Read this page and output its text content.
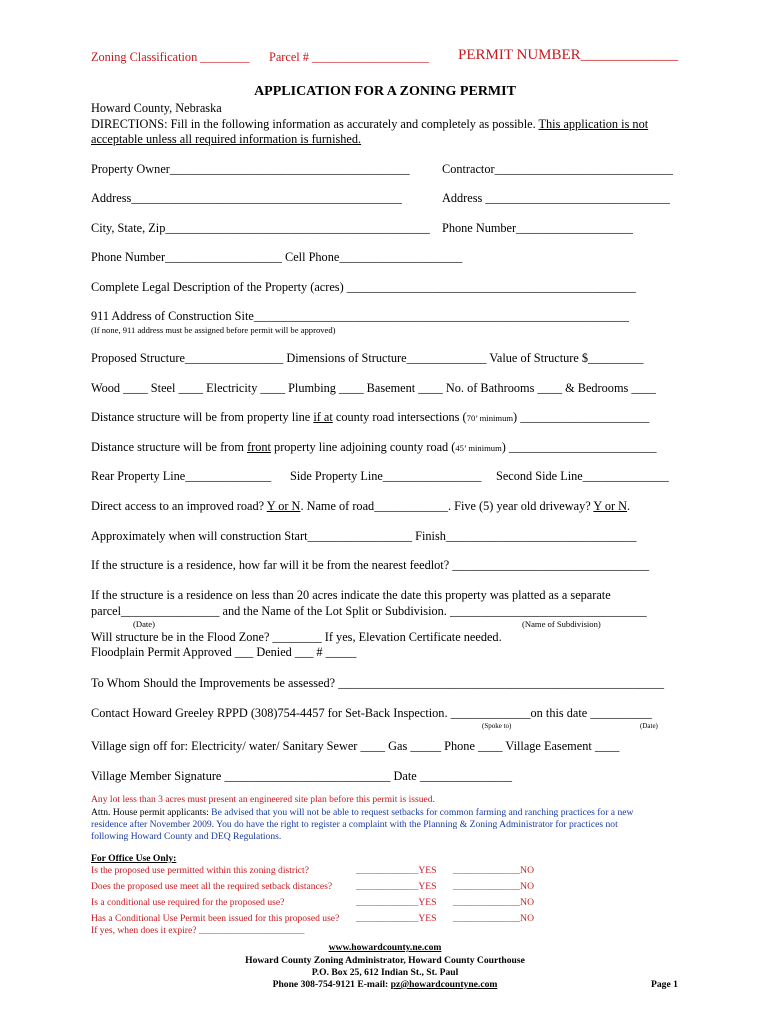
Zoning Classification ________ Parcel # ___________________ PERMIT NUMBER_____________
APPLICATION FOR A ZONING PERMIT
Howard County, Nebraska
DIRECTIONS: Fill in the following information as accurately and completely as possible. This application is not
acceptable unless all required information is furnished.
Property Owner_______________________________________	Contractor_____________________________
Address____________________________________________	Address ______________________________
City, State, Zip___________________________________________ Phone Number___________________
Phone Number___________________ Cell Phone____________________
Complete Legal Description of the Property (acres) _______________________________________________
911 Address of Construction Site_____________________________________________________________
(If none, 911 address must be assigned before permit will be approved)
Proposed Structure________________ Dimensions of Structure_____________ Value of Structure $_________
Wood ____ Steel ____ Electricity ____ Plumbing ____ Basement ____ No. of Bathrooms ____ & Bedrooms ____
Distance structure will be from property line if at county road intersections (70’ minimum) _____________________
Distance structure will be from front property line adjoining county road (45’ minimum) ________________________
Rear Property Line______________ Side Property Line________________ Second Side Line______________
Direct access to an improved road? Y or N. Name of road____________. Five (5) year old driveway? Y or N.
Approximately when will construction Start_________________ Finish_______________________________
If the structure is a residence, how far will it be from the nearest feedlot? ________________________________
If the structure is a residence on less than 20 acres indicate the date this property was platted as a separate
parcel________________ and the Name of the Lot Split or Subdivision. ________________________________
(Date)	(Name of Subdivision)
Will structure be in the Flood Zone? ________ If yes, Elevation Certificate needed.
Floodplain Permit Approved ___ Denied ___ # _____
To Whom Should the Improvements be assessed? _____________________________________________________
Contact Howard Greeley RPPD (308)754-4457 for Set-Back Inspection. _____________on this date __________
(Spoke to)	(Date)
Village sign off for: Electricity/ water/ Sanitary Sewer ____ Gas _____ Phone ____ Village Easement ____
Village Member Signature ___________________________ Date _______________
Any lot less than 3 acres must present an engineered site plan before this permit is issued.
Attn. House permit applicants: Be advised that you will not be able to request setbacks for common farming and ranching practices for a new
residence after November 2009. You do have the right to register a complaint with the Planning & Zoning Administrator for practices not
following Howard County and DEQ Regulations.
For Office Use Only:
Is the proposed use permitted within this zoning district?	_____________YES ______________NO
Does the proposed use meet all the required setback distances? _____________YES ______________NO
Is a conditional use required for the proposed use?	_____________YES ______________NO
Has a Conditional Use Permit been issued for this proposed use? _____________YES ______________NO
If yes, when does it expire? ______________________
www.howardcounty.ne.com
Howard County Zoning Administrator, Howard County Courthouse
P.O. Box 25, 612 Indian St., St. Paul
Phone 308-754-9121 E-mail: pz@howardcountyne.com	Page 1
